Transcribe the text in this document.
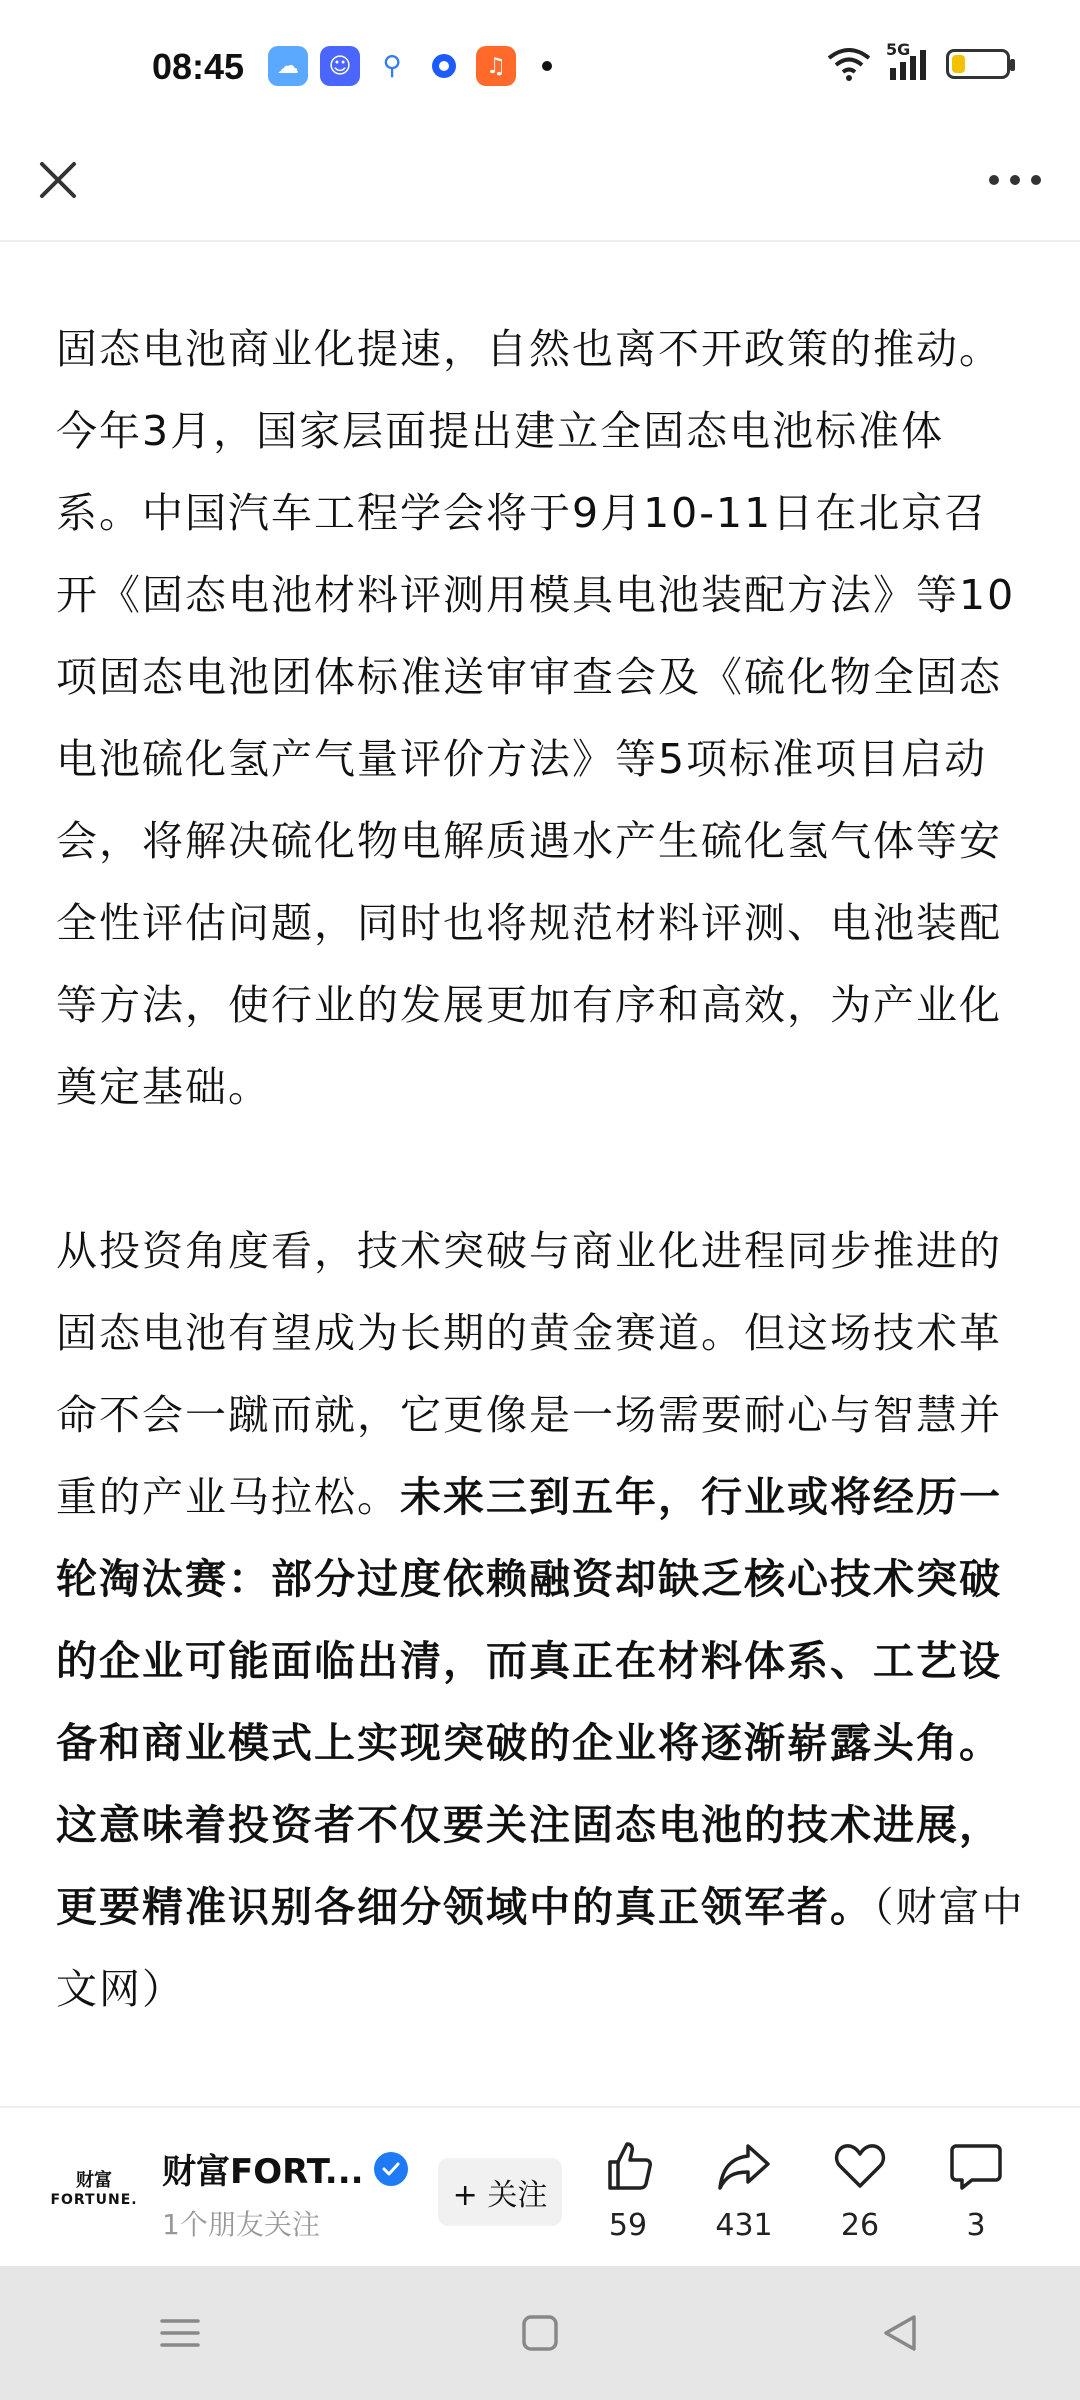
08:45	☁	☺	⚲	♫
5G

固态电池商业化提速，自然也离不开政策的推动。今年3月，国家层面提出建立全固态电池标准体系。中国汽车工程学会将于9月10-11日在北京召开《固态电池材料评测用模具电池装配方法》等10项固态电池团体标准送审审查会及《硫化物全固态电池硫化氢产气量评价方法》等5项标准项目启动会，将解决硫化物电解质遇水产生硫化氢气体等安全性评估问题，同时也将规范材料评测、电池装配等方法，使行业的发展更加有序和高效，为产业化奠定基础。

从投资角度看，技术突破与商业化进程同步推进的固态电池有望成为长期的黄金赛道。但这场技术革命不会一蹴而就，它更像是一场需要耐心与智慧并重的产业马拉松。未来三到五年，行业或将经历一轮淘汰赛：部分过度依赖融资却缺乏核心技术突破的企业可能面临出清，而真正在材料体系、工艺设备和商业模式上实现突破的企业将逐渐崭露头角。这意味着投资者不仅要关注固态电池的技术进展，更要精准识别各细分领域中的真正领军者。（财富中文网）

财富
FORTUNE.
财富FORT...
1个朋友关注
+ 关注
59 431 26	3
